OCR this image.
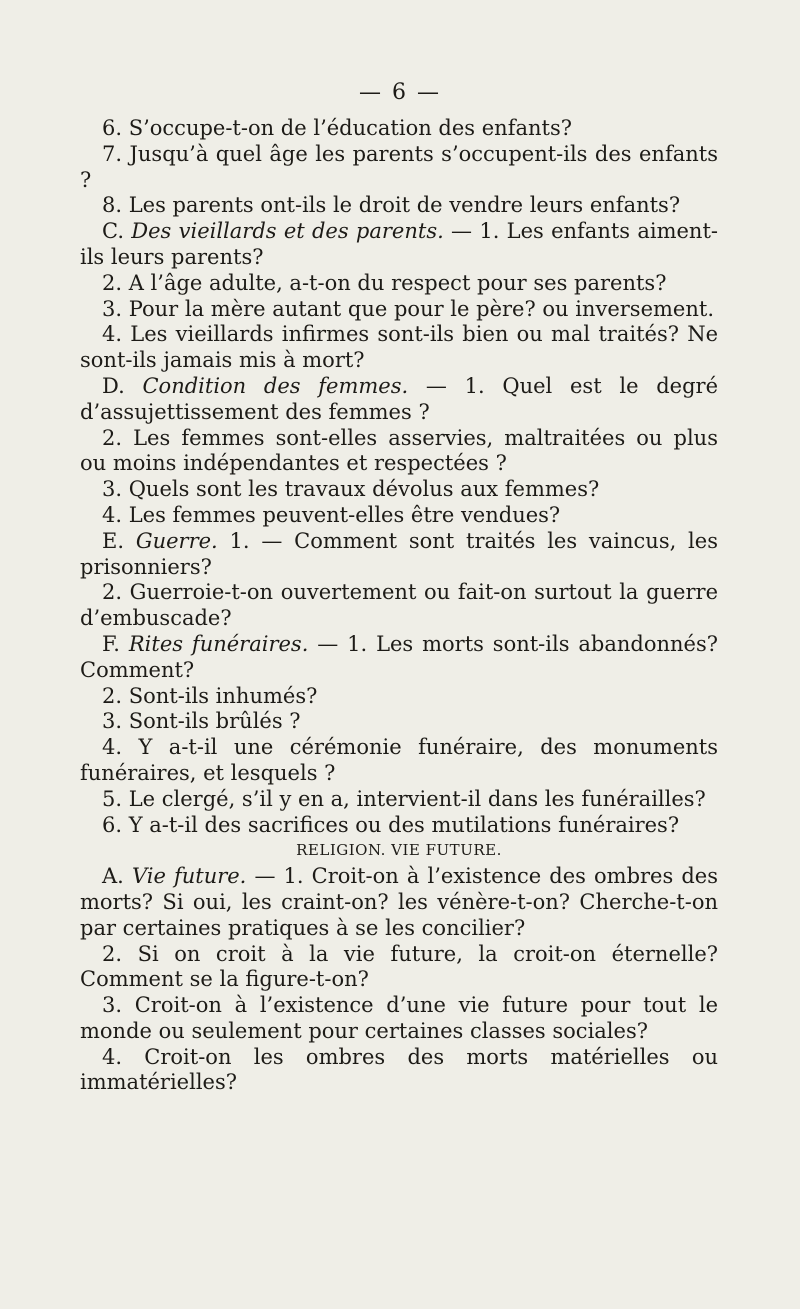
— 6 —

6. S’occupe-t-on de l’éducation des enfants?

7. Jusqu’à quel âge les parents s’occupent-ils des enfants ?

8. Les parents ont-ils le droit de vendre leurs enfants?

C. Des vieillards et des parents. — 1. Les enfants aiment-ils leurs parents?

2. A l’âge adulte, a-t-on du respect pour ses parents?

3. Pour la mère autant que pour le père? ou inversement.

4. Les vieillards infirmes sont-ils bien ou mal traités? Ne sont-ils jamais mis à mort?

D. Condition des femmes. — 1. Quel est le degré d’assujettissement des femmes ?

2. Les femmes sont-elles asservies, maltraitées ou plus ou moins indépendantes et respectées ?

3. Quels sont les travaux dévolus aux femmes?

4. Les femmes peuvent-elles être vendues?

E. Guerre. 1. — Comment sont traités les vaincus, les prisonniers?

2. Guerroie-t-on ouvertement ou fait-on surtout la guerre d’embuscade?

F. Rites funéraires. — 1. Les morts sont-ils abandonnés? Comment?

2. Sont-ils inhumés?

3. Sont-ils brûlés ?

4. Y a-t-il une cérémonie funéraire, des monuments funéraires, et lesquels ?

5. Le clergé, s’il y en a, intervient-il dans les funérailles?

6. Y a-t-il des sacrifices ou des mutilations funéraires?

RELIGION. VIE FUTURE.

A. Vie future. — 1. Croit-on à l’existence des ombres des morts? Si oui, les craint-on? les vénère-t-on? Cherche-t-on par certaines pratiques à se les concilier?

2. Si on croit à la vie future, la croit-on éternelle? Comment se la figure-t-on?

3. Croit-on à l’existence d’une vie future pour tout le monde ou seulement pour certaines classes sociales?

4. Croit-on les ombres des morts matérielles ou immatérielles?
